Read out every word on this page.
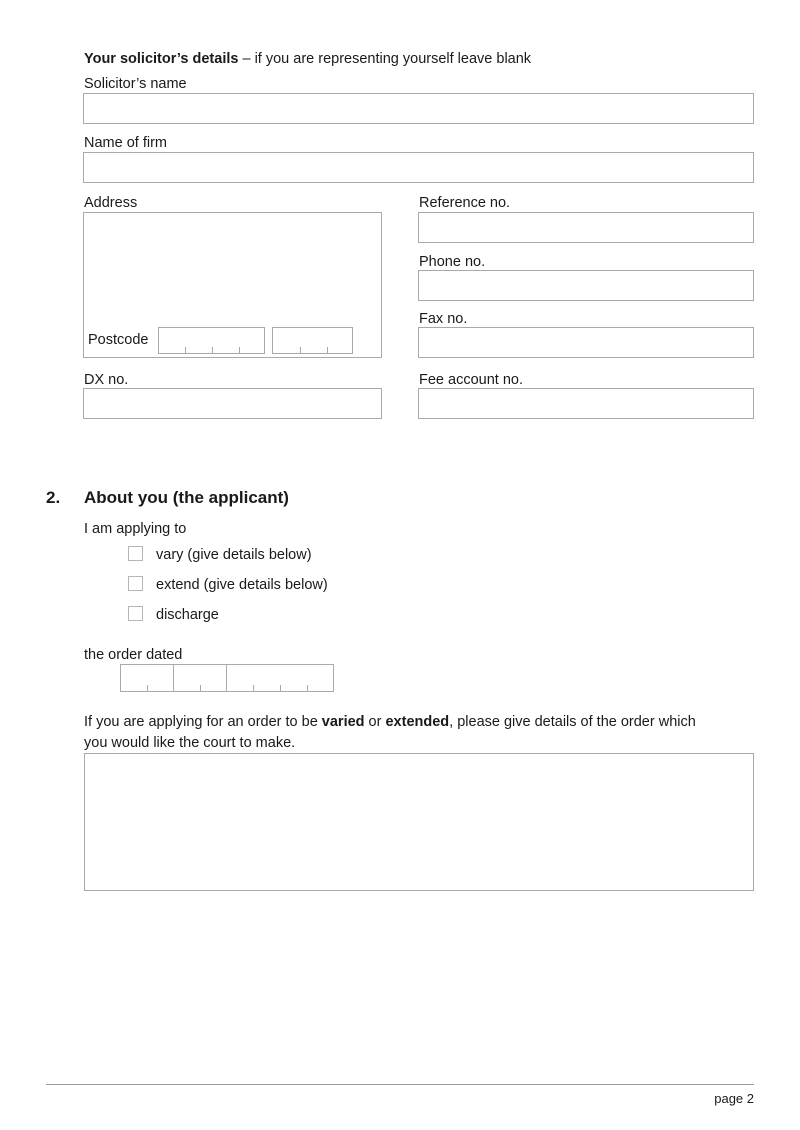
Your solicitor’s details – if you are representing yourself leave blank
Solicitor’s name
Name of firm
Address
Postcode
Reference no.
Phone no.
Fax no.
DX no.	Fee account no.
2. About you (the applicant)
I am applying to
vary (give details below)
extend (give details below)
discharge
the order dated
If you are applying for an order to be varied or extended, please give details of the order which
you would like the court to make.
page 2
